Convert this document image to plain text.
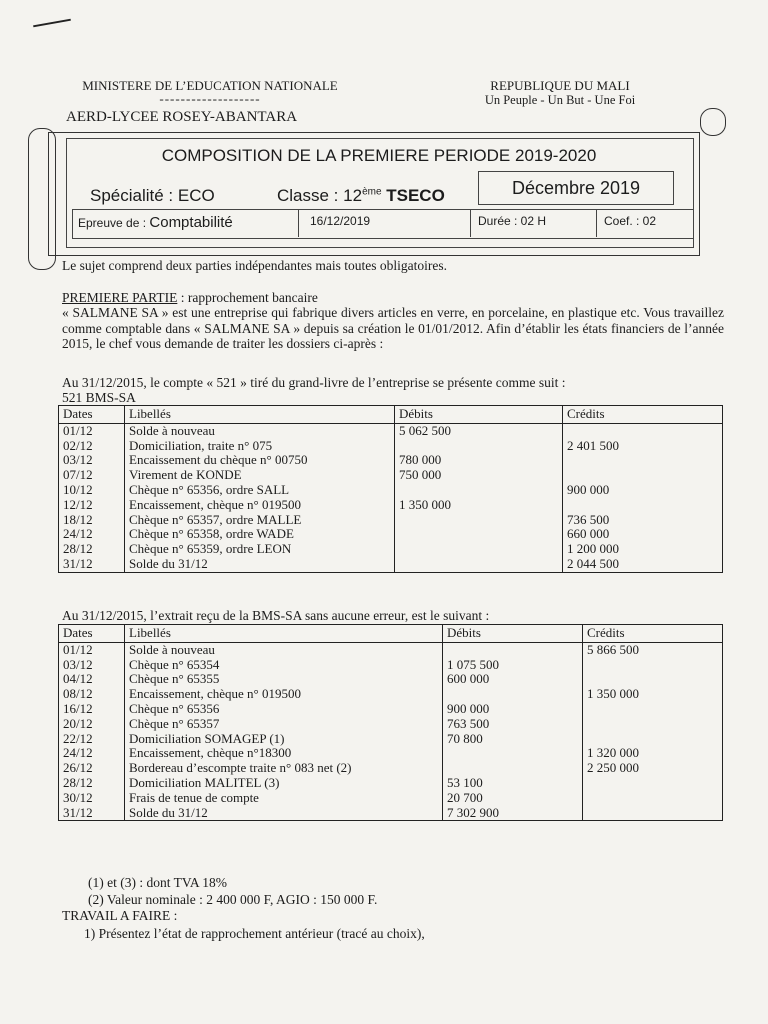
MINISTERE DE L’EDUCATION NATIONALE
-------------------
AERD-LYCEE ROSEY-ABANTARA
REPUBLIQUE DU MALI
Un Peuple - Un But - Une Foi
COMPOSITION DE LA PREMIERE PERIODE 2019-2020
Spécialité : ECO	Classe : 12ème TSECO	Décembre 2019
Epreuve de : Comptabilité	16/12/2019	Durée : 02 H	Coef. : 02
Le sujet comprend deux parties indépendantes mais toutes obligatoires.
PREMIERE PARTIE : rapprochement bancaire
« SALMANE SA » est une entreprise qui fabrique divers articles en verre, en porcelaine, en plastique etc. Vous travaillez comme comptable dans « SALMANE SA » depuis sa création le 01/01/2012. Afin d’établir les états financiers de l’année 2015, le chef vous demande de traiter les dossiers ci-après :
Au 31/12/2015, le compte « 521 » tiré du grand-livre de l’entreprise se présente comme suit :
521 BMS-SA
Dates	Libellés	Débits	Crédits
01/12	Solde à nouveau	5 062 500	
02/12	Domiciliation, traite n° 075		2 401 500
03/12	Encaissement du chèque n° 00750	780 000	
07/12	Virement de KONDE	750 000	
10/12	Chèque n° 65356, ordre SALL		900 000
12/12	Encaissement, chèque n° 019500	1 350 000	
18/12	Chèque n° 65357, ordre MALLE		736 500
24/12	Chèque n° 65358, ordre WADE		660 000
28/12	Chèque n° 65359, ordre LEON		1 200 000
31/12	Solde du 31/12		2 044 500
Au 31/12/2015, l’extrait reçu de la BMS-SA sans aucune erreur, est le suivant :
Dates	Libellés	Débits	Crédits
01/12	Solde à nouveau		5 866 500
03/12	Chèque n° 65354	1 075 500	
04/12	Chèque n° 65355	600 000	
08/12	Encaissement, chèque n° 019500		1 350 000
16/12	Chèque n° 65356	900 000	
20/12	Chèque n° 65357	763 500	
22/12	Domiciliation SOMAGEP (1)	70 800	
24/12	Encaissement, chèque n°18300		1 320 000
26/12	Bordereau d’escompte traite n° 083 net (2)		2 250 000
28/12	Domiciliation MALITEL (3)	53 100	
30/12	Frais de tenue de compte	20 700	
31/12	Solde du 31/12	7 302 900	
(1) et (3) : dont TVA 18%
(2) Valeur nominale : 2 400 000 F, AGIO : 150 000 F.
TRAVAIL A FAIRE :
1) Présentez l’état de rapprochement antérieur (tracé au choix),
